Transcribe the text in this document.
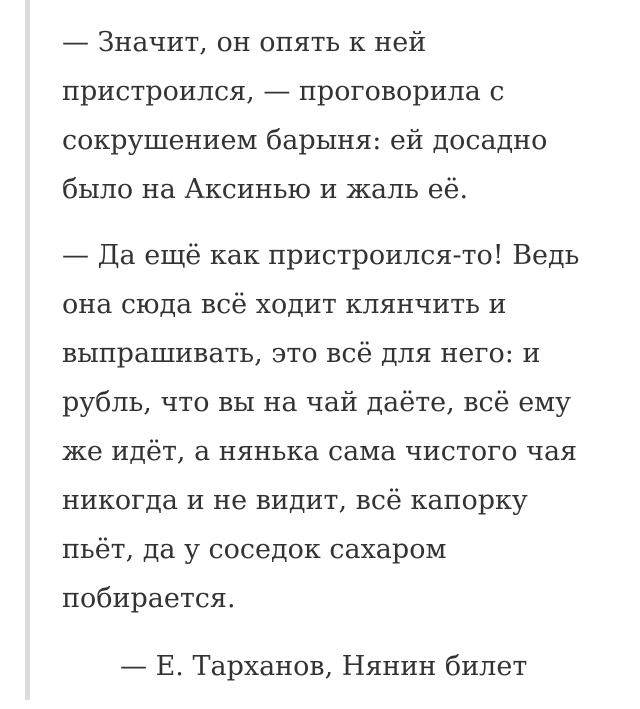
— Значит, он опять к ней
пристроился, — проговорила с
сокрушением барыня: ей досадно
было на Аксинью и жаль её.

— Да ещё как пристроился-то! Ведь
она сюда всё ходит клянчить и
выпрашивать, это всё для него: и
рубль, что вы на чай даёте, всё ему
же идёт, а нянька сама чистого чая
никогда и не видит, всё капорку
пьёт, да у соседок сахаром
побирается.

— Е. Тарханов, Нянин билет
